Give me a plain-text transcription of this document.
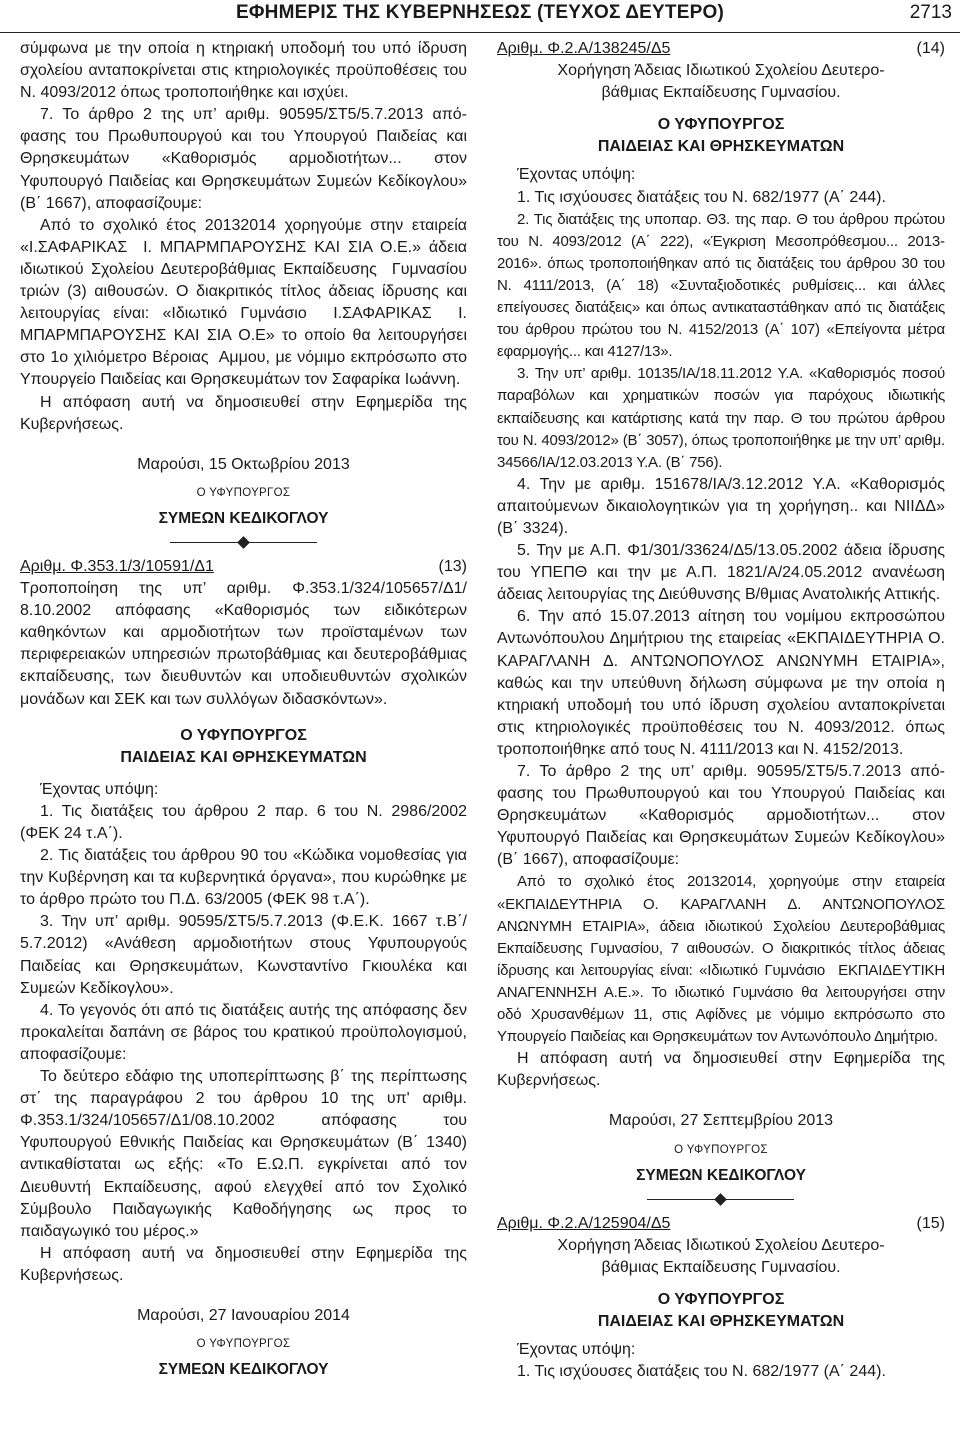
ΕΦΗΜΕΡΙΣ ΤΗΣ ΚΥΒΕΡΝΗΣΕΩΣ (ΤΕΥΧΟΣ ΔΕΥΤΕΡΟ)	2713

σύμφωνα με την οποία η κτηριακή υποδομή του υπό ίδρυση σχολείου ανταποκρίνεται στις κτηριολογικές προϋποθέσεις του Ν. 4093/2012 όπως τροποποιήθηκε και ισχύει.

7. Το άρθρο 2 της υπ’ αριθμ. 90595/ΣΤ5/5.7.2013 απόφασης του Πρωθυπουργού και του Υπουργού Παιδείας και Θρησκευμάτων «Καθορισμός αρμοδιοτήτων... στον Υφυπουργό Παιδείας και Θρησκευμάτων Συμεών Κεδίκογλου» (Β΄ 1667), αποφασίζουμε:

Από το σχολικό έτος 20132014 χορηγούμε στην εταιρεία «Ι.ΣΑΦΑΡΙΚΑΣ Ι. ΜΠΑΡΜΠΑΡΟΥΣΗΣ ΚΑΙ ΣΙΑ Ο.Ε.» άδεια ιδιωτικού Σχολείου Δευτεροβάθμιας Εκπαίδευσης Γυμνασίου τριών (3) αιθουσών. Ο διακριτικός τίτλος άδειας ίδρυσης και λειτουργίας είναι: «Ιδιωτικό Γυμνάσιο Ι.ΣΑΦΑΡΙΚΑΣ Ι. ΜΠΑΡΜΠΑΡΟΥΣΗΣ ΚΑΙ ΣΙΑ Ο.Ε» το οποίο θα λειτουργήσει στο 1ο χιλιόμετρο Βέροιας Αμμου, με νόμιμο εκπρόσωπο στο Υπουργείο Παιδείας και Θρησκευμάτων τον Σαφαρίκα Ιωάννη.

Η απόφαση αυτή να δημοσιευθεί στην Εφημερίδα της Κυβερνήσεως.

Μαρούσι, 15 Οκτωβρίου 2013
Ο ΥΦΥΠΟΥΡΓΟΣ
ΣΥΜΕΩΝ ΚΕΔΙΚΟΓΛΟΥ
Αριθμ. Φ.353.1/3/10591/Δ1	(13)

Τροποποίηση της υπ’ αριθμ. Φ.353.1/324/105657/Δ1/ 8.10.2002 απόφασης «Καθορισμός των ειδικότερων καθηκόντων και αρμοδιοτήτων των προϊσταμένων των περιφερειακών υπηρεσιών πρωτοβάθμιας και δευτεροβάθμιας εκπαίδευσης, των διευθυντών και υποδιευθυντών σχολικών μονάδων και ΣΕΚ και των συλλόγων διδασκόντων».

Ο ΥΦΥΠΟΥΡΓΟΣ
ΠΑΙΔΕΙΑΣ ΚΑΙ ΘΡΗΣΚΕΥΜΑΤΩΝ

Έχοντας υπόψη:

1. Τις διατάξεις του άρθρου 2 παρ. 6 του Ν. 2986/2002 (ΦΕΚ 24 τ.Α΄).

2. Τις διατάξεις του άρθρου 90 του «Κώδικα νομοθεσίας για την Κυβέρνηση και τα κυβερνητικά όργανα», που κυρώθηκε με το άρθρο πρώτο του Π.Δ. 63/2005 (ΦΕΚ 98 τ.Α΄).

3. Την υπ’ αριθμ. 90595/ΣΤ5/5.7.2013 (Φ.Ε.Κ. 1667 τ.Β΄/ 5.7.2012) «Ανάθεση αρμοδιοτήτων στους Υφυπουργούς Παιδείας και Θρησκευμάτων, Κωνσταντίνο Γκιουλέκα και Συμεών Κεδίκογλου».

4. Το γεγονός ότι από τις διατάξεις αυτής της απόφασης δεν προκαλείται δαπάνη σε βάρος του κρατικού προϋπολογισμού, αποφασίζουμε:

Το δεύτερο εδάφιο της υποπερίπτωσης β΄ της περίπτωσης στ΄ της παραγράφου 2 του άρθρου 10 της υπ' αριθμ. Φ.353.1/324/105657/Δ1/08.10.2002 απόφασης του Υφυπουργού Εθνικής Παιδείας και Θρησκευμάτων (Β΄ 1340) αντικαθίσταται ως εξής: «Το Ε.Ω.Π. εγκρίνεται από τον Διευθυντή Εκπαίδευσης, αφού ελεγχθεί από τον Σχολικό Σύμβουλο Παιδαγωγικής Καθοδήγησης ως προς το παιδαγωγικό του μέρος.»

Η απόφαση αυτή να δημοσιευθεί στην Εφημερίδα της Κυβερνήσεως.

Μαρούσι, 27 Ιανουαρίου 2014
Ο ΥΦΥΠΟΥΡΓΟΣ
ΣΥΜΕΩΝ ΚΕΔΙΚΟΓΛΟΥ
Αριθμ. Φ.2.Α/138245/Δ5	(14)
Χορήγηση Άδειας Ιδιωτικού Σχολείου Δευτεροβάθμιας Εκπαίδευσης Γυμνασίου.
Ο ΥΦΥΠΟΥΡΓΟΣ
ΠΑΙΔΕΙΑΣ ΚΑΙ ΘΡΗΣΚΕΥΜΑΤΩΝ

Έχοντας υπόψη:

1. Τις ισχύουσες διατάξεις του Ν. 682/1977 (Α΄ 244).

2. Τις διατάξεις της υποπαρ. Θ3. της παρ. Θ του άρθρου πρώτου του Ν. 4093/2012 (Α΄ 222), «Έγκριση Μεσοπρόθεσμου... 20132016». όπως τροποποιήθηκαν από τις διατάξεις του άρθρου 30 του Ν. 4111/2013, (Α΄ 18) «Συνταξιοδοτικές ρυθμίσεις... και άλλες επείγουσες διατάξεις» και όπως αντικαταστάθηκαν από τις διατάξεις του άρθρου πρώτου του Ν. 4152/2013 (Α΄ 107) «Επείγοντα μέτρα εφαρμογής... και 4127/13».

3. Την υπ’ αριθμ. 10135/ΙΑ/18.11.2012 Υ.Α. «Καθορισμός ποσού παραβόλων και χρηματικών ποσών για παρόχους ιδιωτικής εκπαίδευσης και κατάρτισης κατά την παρ. Θ του πρώτου άρθρου του Ν. 4093/2012» (Β΄ 3057), όπως τροποποιήθηκε με την υπ’ αριθμ. 34566/ΙΑ/12.03.2013 Υ.Α. (Β΄ 756).

4. Την με αριθμ. 151678/ΙΑ/3.12.2012 Υ.Α. «Καθορισμός απαιτούμενων δικαιολογητικών για τη χορήγηση.. και ΝΙΙΔΔ» (Β΄ 3324).

5. Την με Α.Π. Φ1/301/33624/Δ5/13.05.2002 άδεια ίδρυσης του ΥΠΕΠΘ και την με Α.Π. 1821/Α/24.05.2012 ανανέωση άδειας λειτουργίας της Διεύθυνσης Β/θμιας Ανατολικής Αττικής.

6. Την από 15.07.2013 αίτηση του νομίμου εκπροσώπου Αντωνόπουλου Δημήτριου της εταιρείας «ΕΚΠΑΙΔΕΥΤΗΡΙΑ Ο. ΚΑΡΑΓΛΑΝΗ Δ. ΑΝΤΩΝΟΠΟΥΛΟΣ ΑΝΩΝΥΜΗ ΕΤΑΙΡΙΑ», καθώς και την υπεύθυνη δήλωση σύμφωνα με την οποία η κτηριακή υποδομή του υπό ίδρυση σχολείου ανταποκρίνεται στις κτηριολογικές προϋποθέσεις του Ν. 4093/2012. όπως τροποποιήθηκε από τους Ν. 4111/2013 και Ν. 4152/2013.

7. Το άρθρο 2 της υπ’ αριθμ. 90595/ΣΤ5/5.7.2013 απόφασης του Πρωθυπουργού και του Υπουργού Παιδείας και Θρησκευμάτων «Καθορισμός αρμοδιοτήτων... στον Υφυπουργό Παιδείας και Θρησκευμάτων Συμεών Κεδίκογλου» (Β΄ 1667), αποφασίζουμε:

Από το σχολικό έτος 20132014, χορηγούμε στην εταιρεία «ΕΚΠΑΙΔΕΥΤΗΡΙΑ Ο. ΚΑΡΑΓΛΑΝΗ Δ. ΑΝΤΩΝΟΠΟΥΛΟΣ ΑΝΩΝΥΜΗ ΕΤΑΙΡΙΑ», άδεια ιδιωτικού Σχολείου Δευτεροβάθμιας Εκπαίδευσης Γυμνασίου, 7 αιθουσών. Ο διακριτικός τίτλος άδειας ίδρυσης και λειτουργίας είναι: «Ιδιωτικό Γυμνάσιο ΕΚΠΑΙΔΕΥΤΙΚΗ ΑΝΑΓΕΝΝΗΣΗ Α.Ε.». Το ιδιωτικό Γυμνάσιο θα λειτουργήσει στην οδό Χρυσανθέμων 11, στις Αφίδνες με νόμιμο εκπρόσωπο στο Υπουργείο Παιδείας και Θρησκευμάτων τον Αντωνόπουλο Δημήτριο.

Η απόφαση αυτή να δημοσιευθεί στην Εφημερίδα της Κυβερνήσεως.

Μαρούσι, 27 Σεπτεμβρίου 2013
Ο ΥΦΥΠΟΥΡΓΟΣ
ΣΥΜΕΩΝ ΚΕΔΙΚΟΓΛΟΥ
Αριθμ. Φ.2.Α/125904/Δ5	(15)
Χορήγηση Άδειας Ιδιωτικού Σχολείου Δευτεροβάθμιας Εκπαίδευσης Γυμνασίου.
Ο ΥΦΥΠΟΥΡΓΟΣ
ΠΑΙΔΕΙΑΣ ΚΑΙ ΘΡΗΣΚΕΥΜΑΤΩΝ

Έχοντας υπόψη:

1. Τις ισχύουσες διατάξεις του Ν. 682/1977 (Α΄ 244).
